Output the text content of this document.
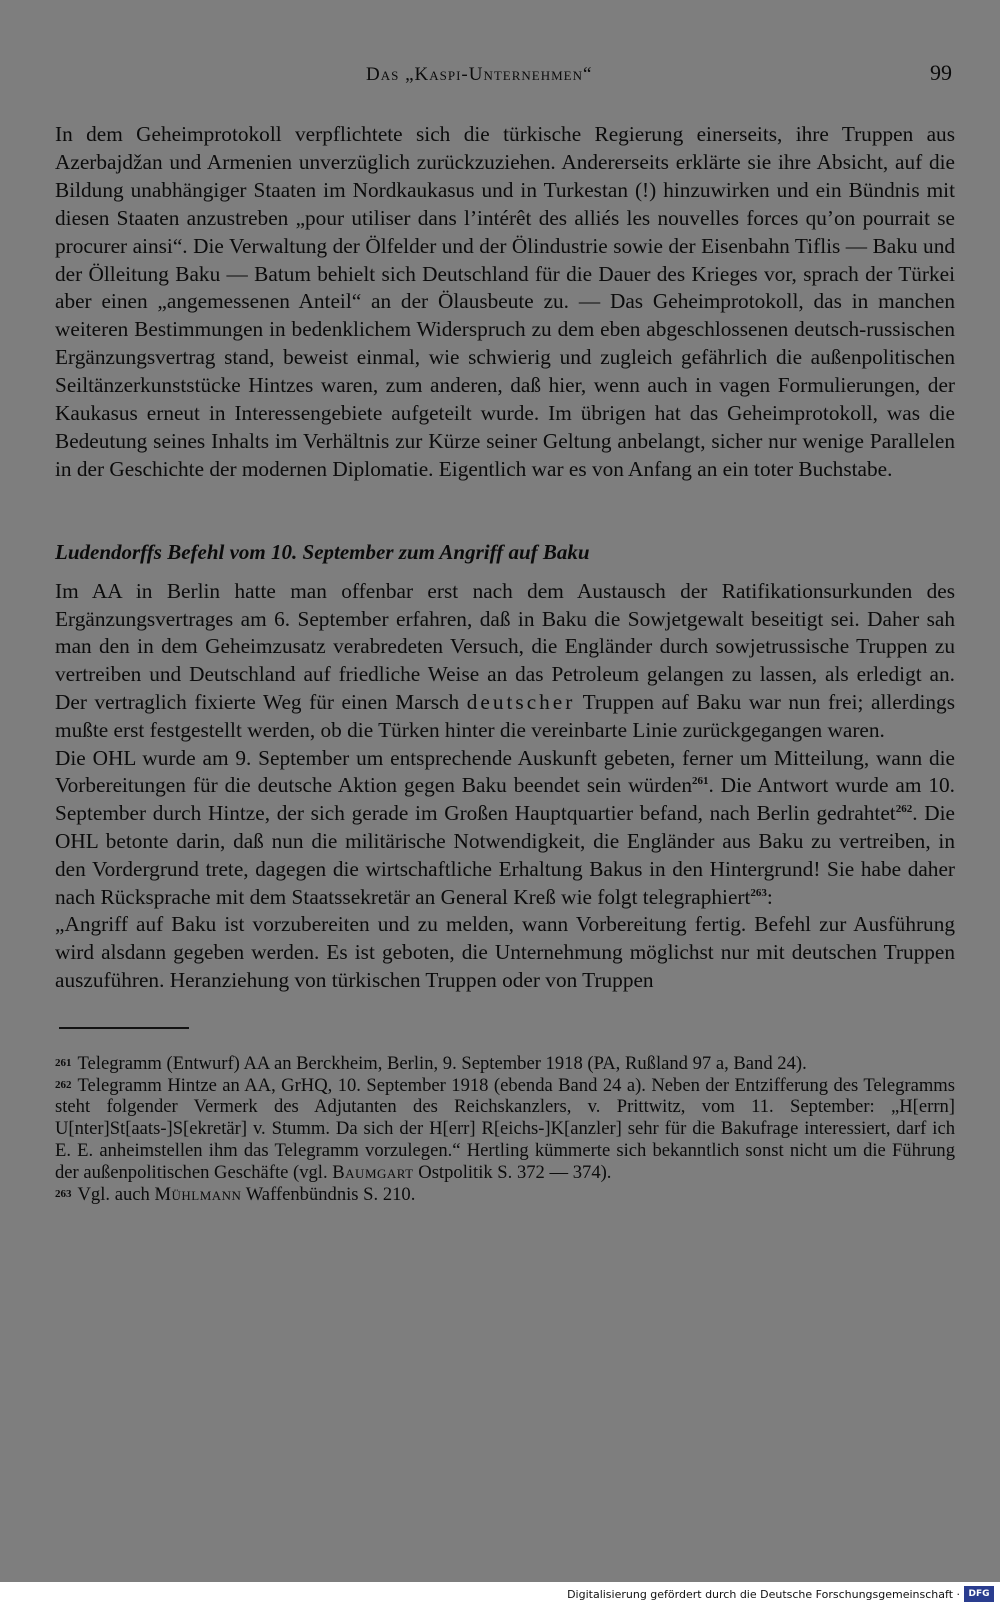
Das „Kaspi-Unternehmen“	99

In dem Geheimprotokoll verpflichtete sich die türkische Regierung einerseits, ihre Truppen aus Azerbajdžan und Armenien unverzüglich zurückzuziehen. Andererseits erklärte sie ihre Absicht, auf die Bildung unabhängiger Staaten im Nordkaukasus und in Turkestan (!) hinzuwirken und ein Bündnis mit diesen Staaten anzustreben „pour utiliser dans l’intérêt des alliés les nouvelles forces qu’on pourrait se procurer ainsi“. Die Verwaltung der Ölfelder und der Ölindustrie sowie der Eisenbahn Tiflis — Baku und der Ölleitung Baku — Batum behielt sich Deutschland für die Dauer des Krieges vor, sprach der Türkei aber einen „angemessenen Anteil“ an der Ölausbeute zu. — Das Geheimprotokoll, das in manchen weiteren Bestimmungen in bedenklichem Widerspruch zu dem eben abgeschlossenen deutsch-russischen Ergänzungsvertrag stand, beweist einmal, wie schwierig und zugleich gefährlich die außenpolitischen Seiltänzerkunststücke Hintzes waren, zum anderen, daß hier, wenn auch in vagen Formulierungen, der Kaukasus erneut in Interessengebiete aufgeteilt wurde. Im übrigen hat das Geheimprotokoll, was die Bedeutung seines Inhalts im Verhältnis zur Kürze seiner Geltung anbelangt, sicher nur wenige Parallelen in der Geschichte der modernen Diplomatie. Eigentlich war es von Anfang an ein toter Buchstabe.

Ludendorffs Befehl vom 10. September zum Angriff auf Baku

Im AA in Berlin hatte man offenbar erst nach dem Austausch der Ratifikationsurkunden des Ergänzungsvertrages am 6. September erfahren, daß in Baku die Sowjetgewalt beseitigt sei. Daher sah man den in dem Geheimzusatz verabredeten Versuch, die Engländer durch sowjetrussische Truppen zu vertreiben und Deutschland auf friedliche Weise an das Petroleum gelangen zu lassen, als erledigt an. Der vertraglich fixierte Weg für einen Marsch deutscher Truppen auf Baku war nun frei; allerdings mußte erst festgestellt werden, ob die Türken hinter die vereinbarte Linie zurückgegangen waren.

Die OHL wurde am 9. September um entsprechende Auskunft gebeten, ferner um Mitteilung, wann die Vorbereitungen für die deutsche Aktion gegen Baku beendet sein würden$^{261}$. Die Antwort wurde am 10. September durch Hintze, der sich gerade im Großen Hauptquartier befand, nach Berlin gedrahtet$^{262}$. Die OHL betonte darin, daß nun die militärische Notwendigkeit, die Engländer aus Baku zu vertreiben, in den Vordergrund trete, dagegen die wirtschaftliche Erhaltung Bakus in den Hintergrund! Sie habe daher nach Rücksprache mit dem Staatssekretär an General Kreß wie folgt telegraphiert$^{263}$:

„Angriff auf Baku ist vorzubereiten und zu melden, wann Vorbereitung fertig. Befehl zur Ausführung wird alsdann gegeben werden. Es ist geboten, die Unternehmung möglichst nur mit deutschen Truppen auszuführen. Heranziehung von türkischen Truppen oder von Truppen

$^{261}$ Telegramm (Entwurf) AA an Berckheim, Berlin, 9. September 1918 (PA, Rußland 97 a, Band 24).

$^{262}$ Telegramm Hintze an AA, GrHQ, 10. September 1918 (ebenda Band 24 a). Neben der Entzifferung des Telegramms steht folgender Vermerk des Adjutanten des Reichskanzlers, v. Prittwitz, vom 11. September: „H[errn] U[nter]St[aats-]S[ekretär] v. Stumm. Da sich der H[err] R[eichs-]K[anzler] sehr für die Bakufrage interessiert, darf ich E. E. anheimstellen ihm das Telegramm vorzulegen.“ Hertling kümmerte sich bekanntlich sonst nicht um die Führung der außenpolitischen Geschäfte (vgl. Baumgart Ostpolitik S. 372 — 374).

$^{263}$ Vgl. auch Mühlmann Waffenbündnis S. 210.

Digitalisierung gefördert durch die Deutsche Forschungsgemeinschaft · DFG
